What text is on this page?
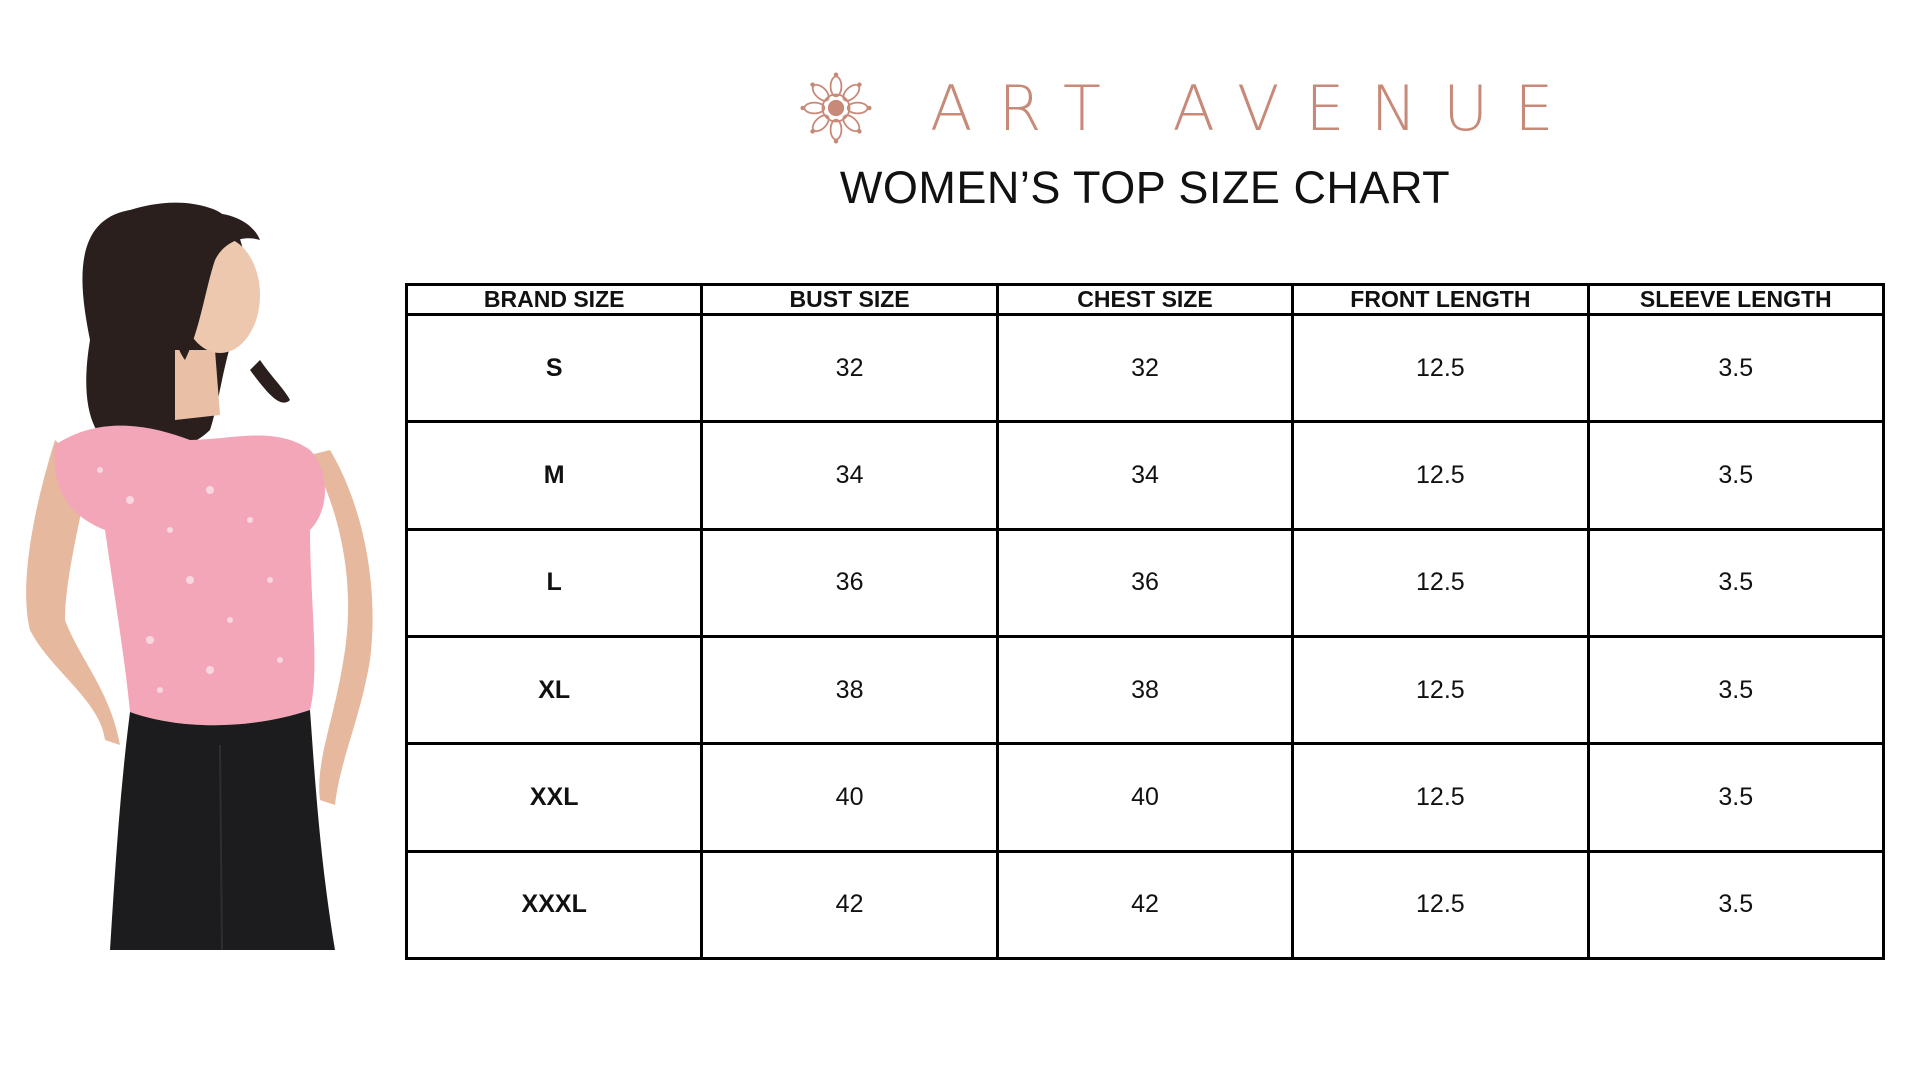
ART AVENUE
WOMEN’S TOP SIZE CHART
BRAND SIZE	BUST SIZE	CHEST SIZE	FRONT LENGTH	SLEEVE LENGTH
S	32	32	12.5	3.5
M	34	34	12.5	3.5
L	36	36	12.5	3.5
XL	38	38	12.5	3.5
XXL	40	40	12.5	3.5
XXXL	42	42	12.5	3.5
